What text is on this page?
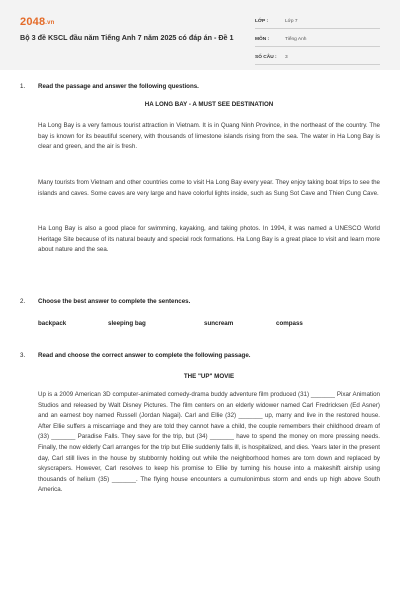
2048.vn
Bộ 3 đề KSCL đầu năm Tiếng Anh 7 năm 2025 có đáp án - Đề 1
LỚP :	Lớp 7
MÔN :	Tiếng Anh
SỐ CÂU :	3
1. Read the passage and answer the following questions.
HA LONG BAY - A MUST SEE DESTINATION

Ha Long Bay is a very famous tourist attraction in Vietnam. It is in Quang Ninh Province, in the northeast of the country. The bay is known for its beautiful scenery, with thousands of limestone islands rising from the sea. The water in Ha Long Bay is clear and green, and the air is fresh.

Many tourists from Vietnam and other countries come to visit Ha Long Bay every year. They enjoy taking boat trips to see the islands and caves. Some caves are very large and have colorful lights inside, such as Sung Sot Cave and Thien Cung Cave.

Ha Long Bay is also a good place for swimming, kayaking, and taking photos. In 1994, it was named a UNESCO World Heritage Site because of its natural beauty and special rock formations. Ha Long Bay is a great place to visit and learn more about nature and the sea.

2. Choose the best answer to complete the sentences.
backpack	sleeping bag	suncream	compass
3. Read and choose the correct answer to complete the following passage.
THE "UP" MOVIE

Up is a 2009 American 3D computer-animated comedy-drama buddy adventure film produced (31) _______ Pixar Animation Studios and released by Walt Disney Pictures. The film centers on an elderly widower named Carl Fredricksen (Ed Asner) and an earnest boy named Russell (Jordan Nagai). Carl and Ellie (32) _______ up, marry and live in the restored house. After Ellie suffers a miscarriage and they are told they cannot have a child, the couple remembers their childhood dream of (33) _______ Paradise Falls. They save for the trip, but (34) _______ have to spend the money on more pressing needs. Finally, the now elderly Carl arranges for the trip but Ellie suddenly falls ill, is hospitalized, and dies. Years later in the present day, Carl still lives in the house by stubbornly holding out while the neighborhood homes are torn down and replaced by skyscrapers. However, Carl resolves to keep his promise to Ellie by turning his house into a makeshift airship using thousands of helium (35) _______. The flying house encounters a cumulonimbus storm and ends up high above South America.
